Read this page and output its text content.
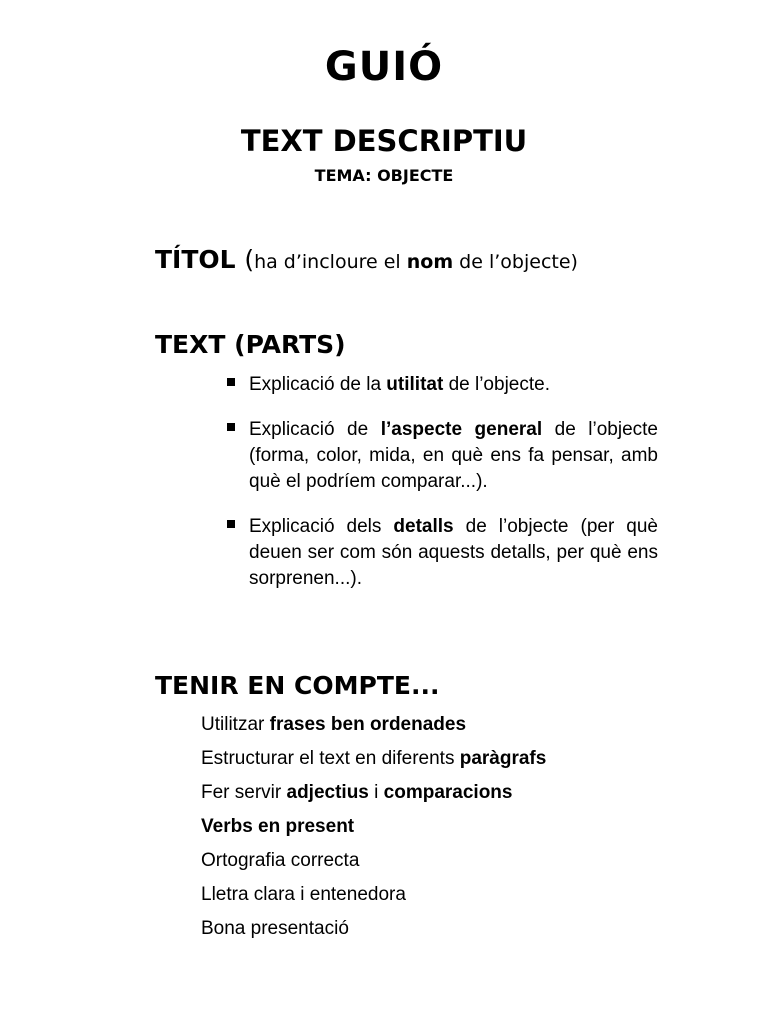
GUIÓ
TEXT DESCRIPTIU
TEMA: OBJECTE
TÍTOL (ha d’incloure el nom de l’objecte)
TEXT (PARTS)
Explicació de la utilitat de l’objecte.
Explicació de l’aspecte general de l’objecte (forma, color, mida, en què ens fa pensar, amb què el podríem comparar...).
Explicació dels detalls de l’objecte (per què deuen ser com són aquests detalls, per què ens sorprenen...).
TENIR EN COMPTE...
Utilitzar frases ben ordenades
Estructurar el text en diferents paràgrafs
Fer servir adjectius i comparacions
Verbs en present
Ortografia correcta
Lletra clara i entenedora
Bona presentació
